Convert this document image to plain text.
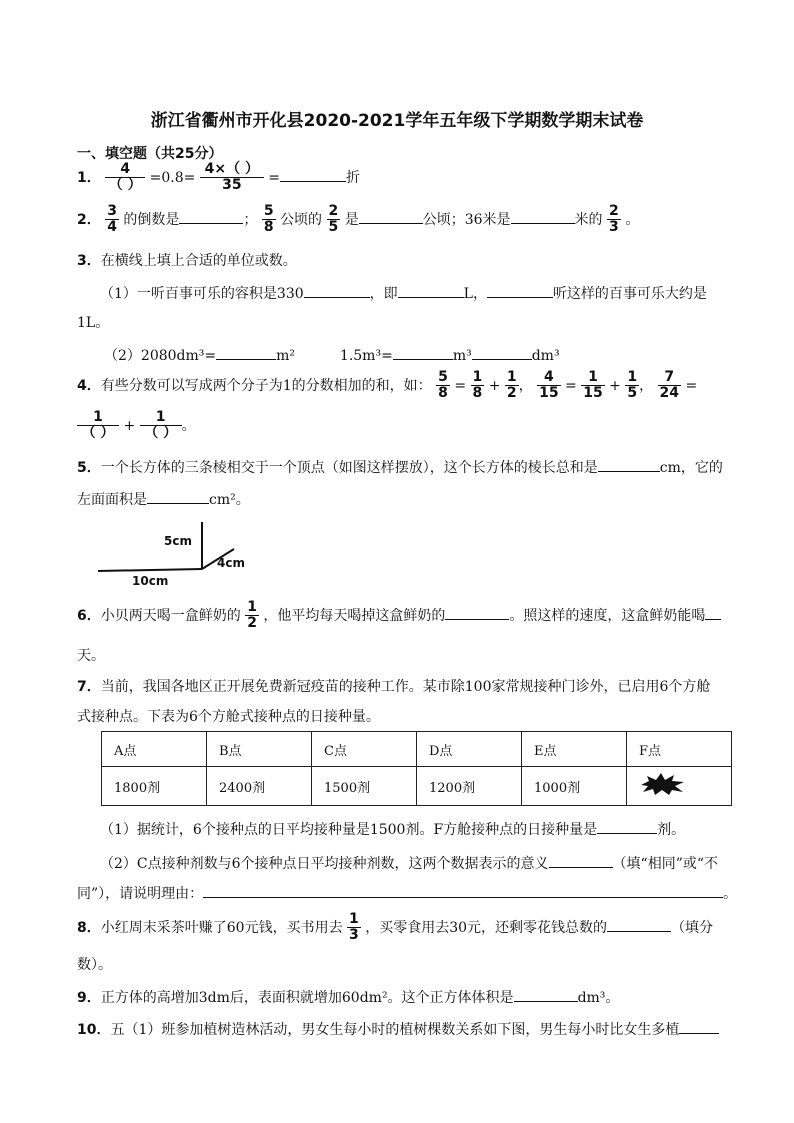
浙江省衢州市开化县2020-2021学年五年级下学期数学期末试卷
一、填空题（共25分）
1． $\frac{4}{( )} =0.8= \frac{4\times( )}{35}$ =	折
2． $\frac{3}{4}$ 的倒数是	； $\frac{5}{8}$ 公顷的 $\frac{2}{5}$ 是	公顷；36米是	米的 $\frac{2}{3}$ 。
3．在横线上填上合适的单位或数。
（1）一听百事可乐的容积是330	，即	L，	听这样的百事可乐大约是
1L。
（2）2080dm³=	m²	1.5m³=	m³	dm³
4．有些分数可以写成两个分子为1的分数相加的和，如： $\frac{5}{8} = \frac{1}{8} + \frac{1}{2}$ ， $\frac{4}{15} = \frac{1}{15} + \frac{1}{5}$ ， $\frac{7}{24}$ =
$\frac{1}{( )} + \frac{1}{( )}$ 。
5．一个长方体的三条棱相交于一个顶点（如图这样摆放），这个长方体的棱长总和是	cm，它的
左面面积是	cm²。
5cm
4cm
10cm
6．小贝两天喝一盒鲜奶的 $\frac{1}{2}$ ，他平均每天喝掉这盒鲜奶的	。照这样的速度，这盒鲜奶能喝
天。
7．当前，我国各地区正开展免费新冠疫苗的接种工作。某市除100家常规接种门诊外，已启用6个方舱
式接种点。下表为6个方舱式接种点的日接种量。
A点	B点	C点	D点	E点	F点
1800剂	2400剂	1500剂	1200剂	1000剂	
（1）据统计，6个接种点的日平均接种量是1500剂。F方舱接种点的日接种量是	剂。
（2）C点接种剂数与6个接种点日平均接种剂数，这两个数据表示的意义	（填“相同”或“不
同”），请说明理由：	。
8．小红周末采茶叶赚了60元钱，买书用去 $\frac{1}{3}$ ，买零食用去30元，还剩零花钱总数的	（填分
数）。
9．正方体的高增加3dm后，表面积就增加60dm²。这个正方体体积是	dm³。
10．五（1）班参加植树造林活动，男女生每小时的植树棵数关系如下图，男生每小时比女生多植
